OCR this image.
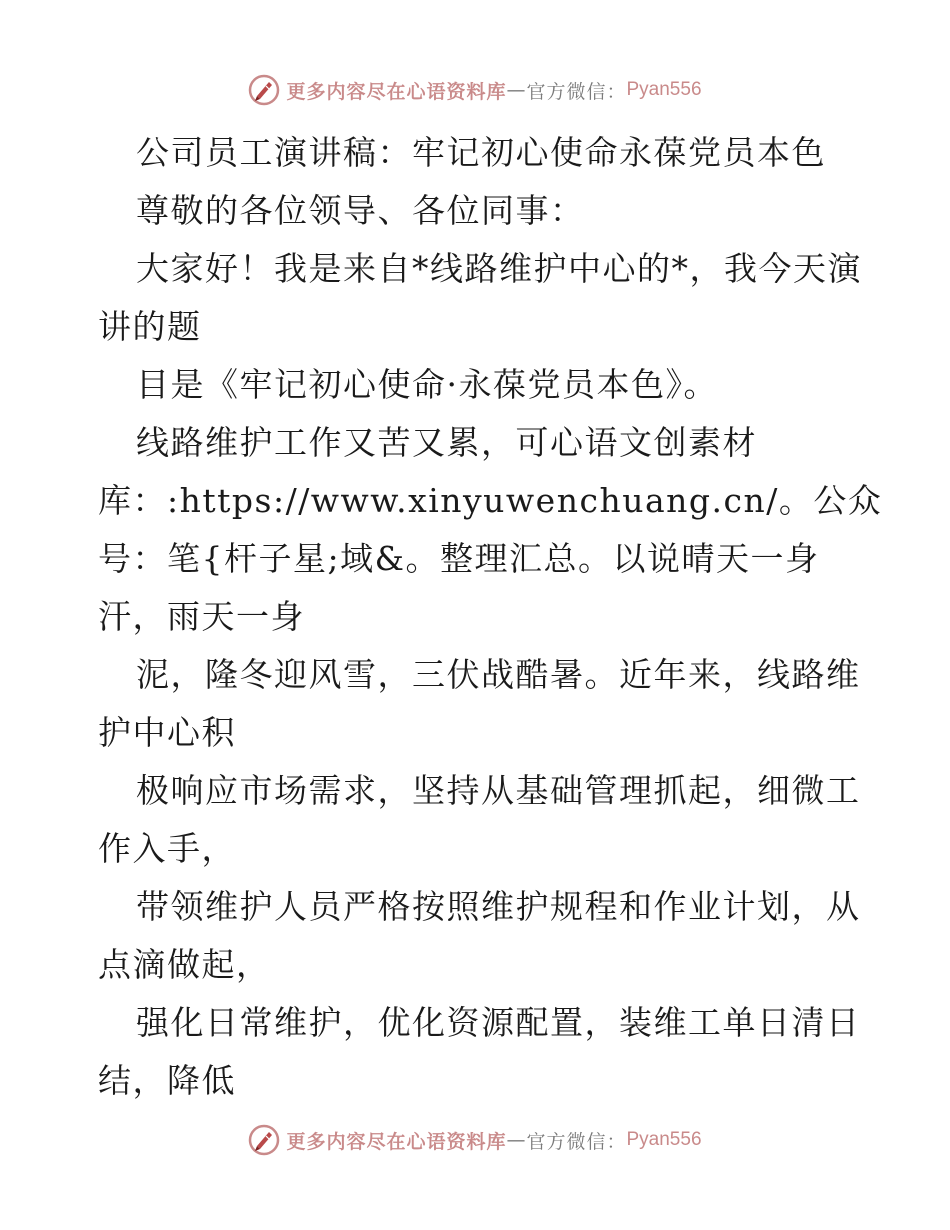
更多内容尽在心语资料库 — 官方微信： Pyan556
公司员工演讲稿：牢记初心使命永葆党员本色
尊敬的各位领导、各位同事：
大家好！我是来自*线路维护中心的*，我今天演
讲的题
目是《牢记初心使命·永葆党员本色》。
线路维护工作又苦又累，可心语文创素材
库：:https://www.xinyuwenchuang.cn/。公众
号：笔{杆子星;域&。整理汇总。以说晴天一身
汗，雨天一身
泥，隆冬迎风雪，三伏战酷暑。近年来，线路维
护中心积
极响应市场需求，坚持从基础管理抓起，细微工
作入手，
带领维护人员严格按照维护规程和作业计划，从
点滴做起，
强化日常维护，优化资源配置，装维工单日清日
结，降低
更多内容尽在心语资料库 — 官方微信： Pyan556
